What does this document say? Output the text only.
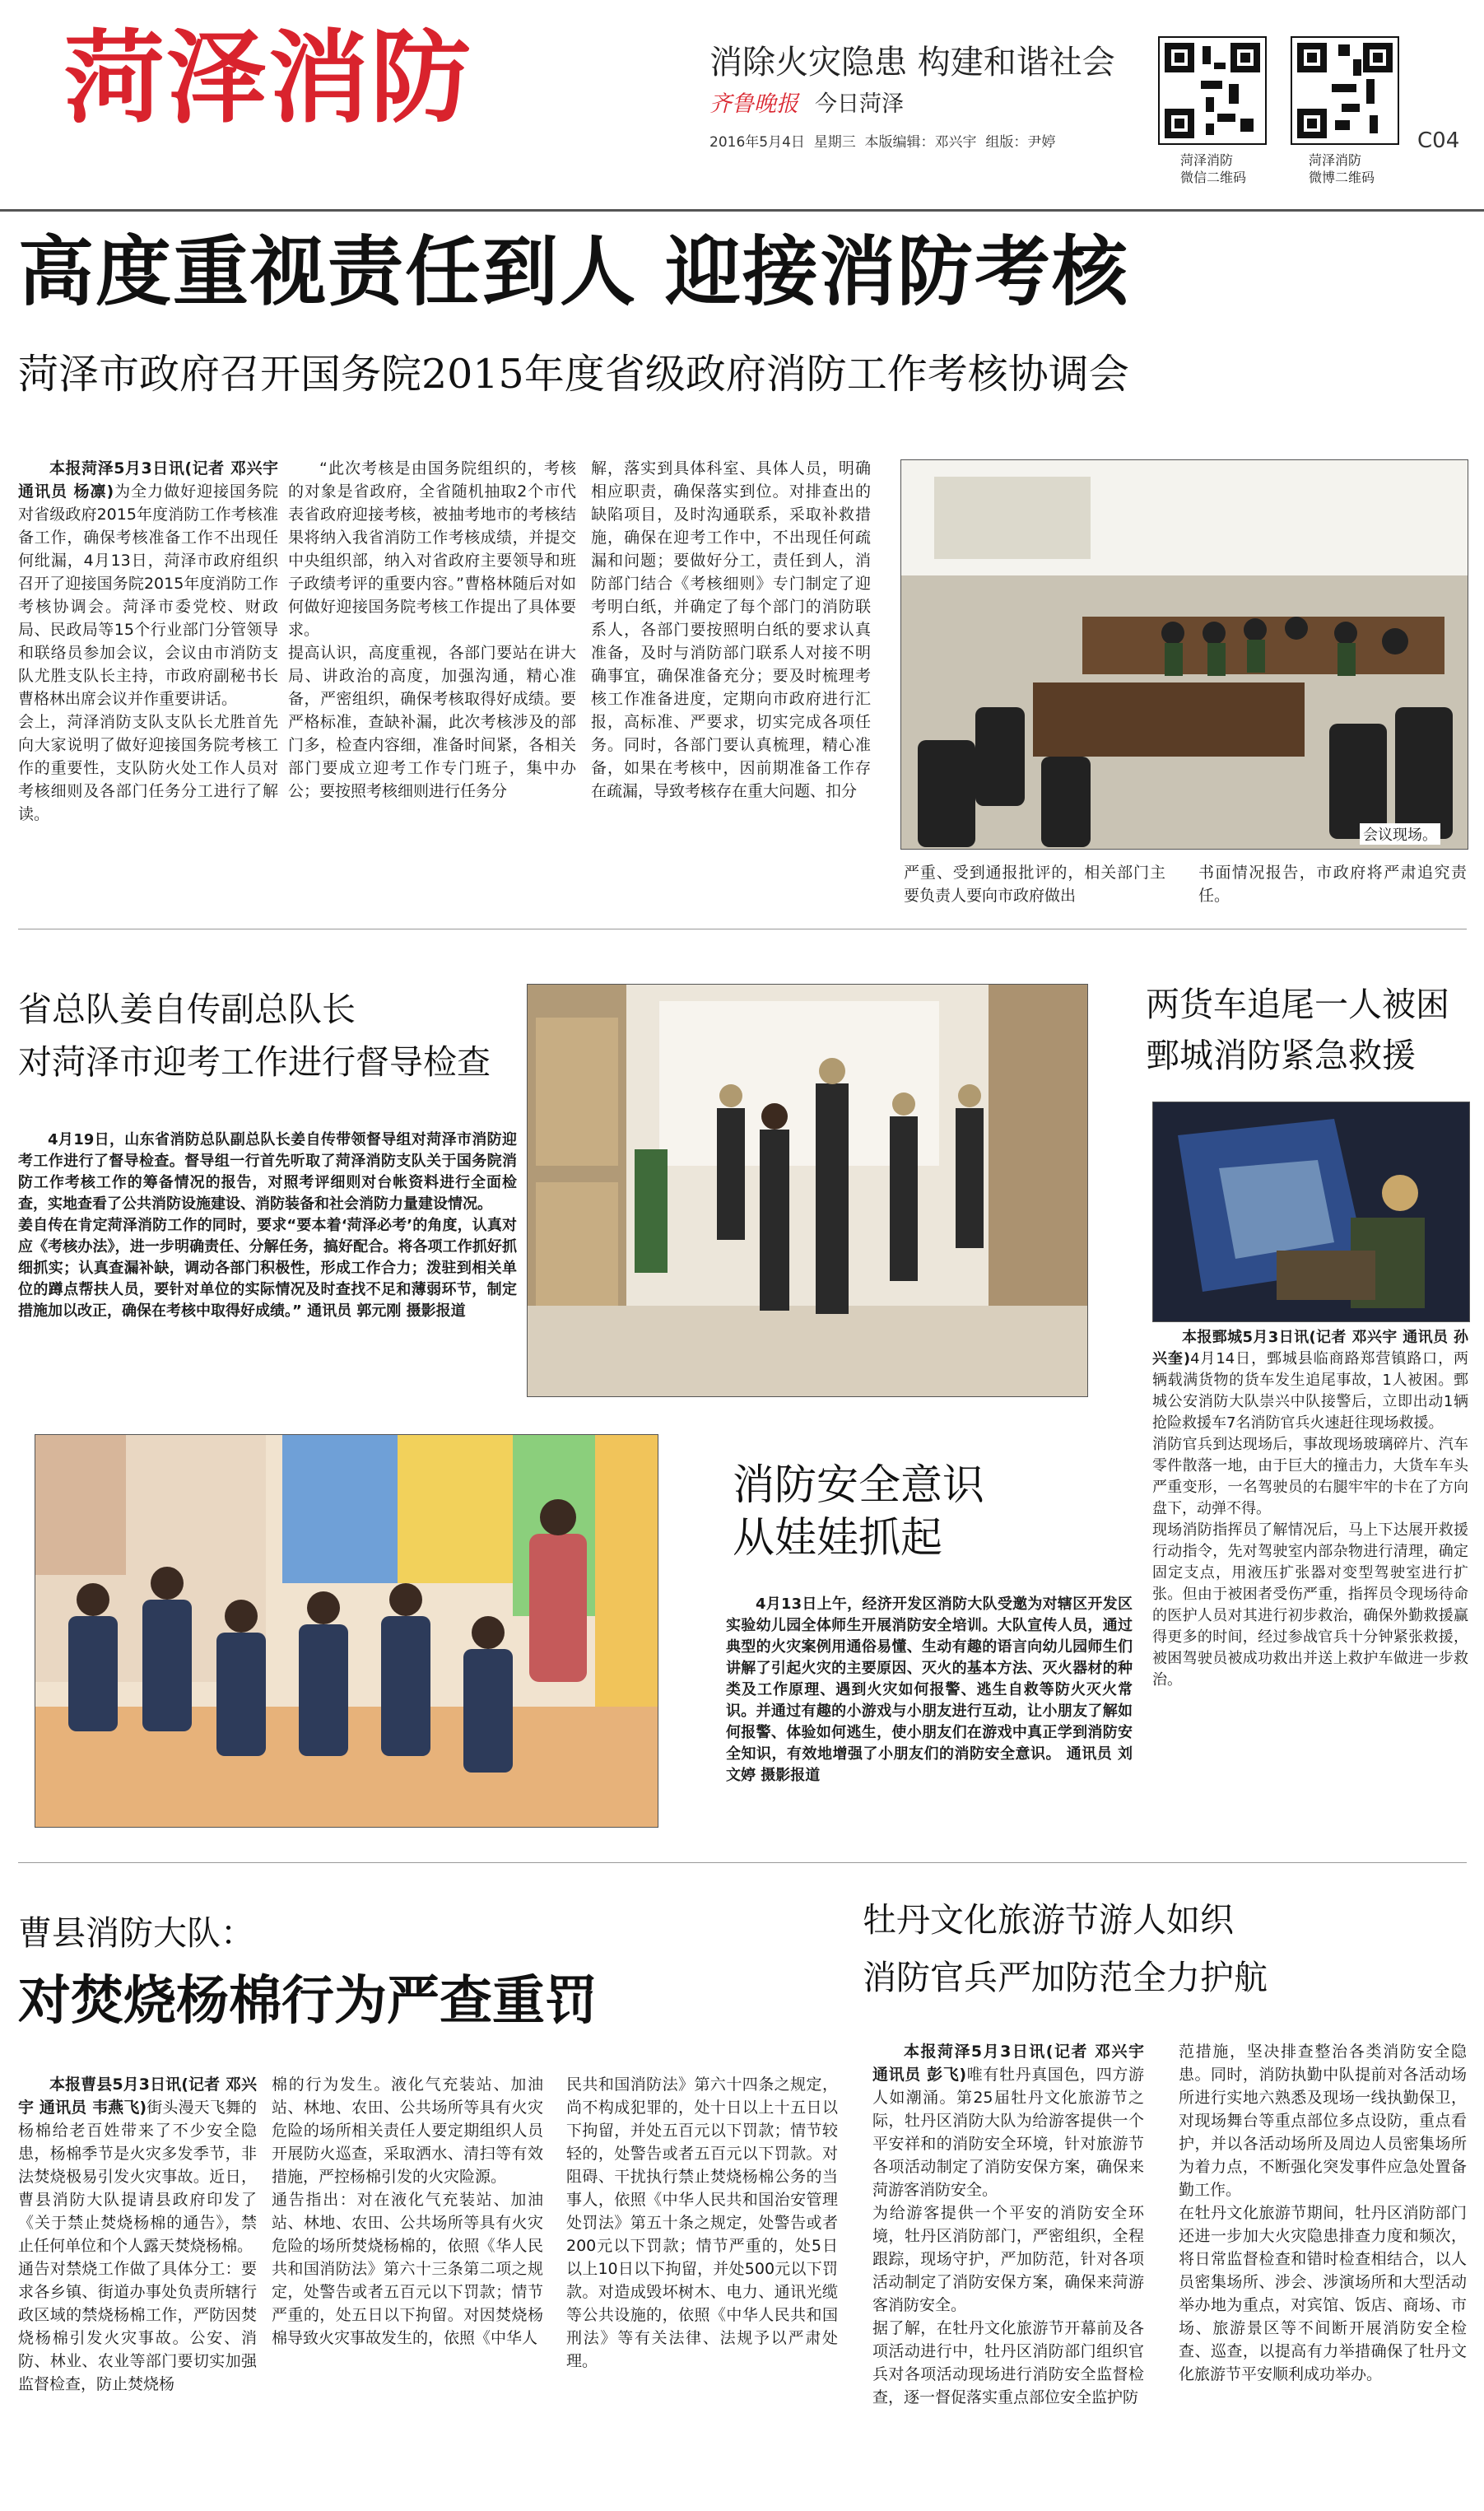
菏泽消防	消除火灾隐患 构建和谐社会
齐鲁晚报 今日菏泽
2016年5月4日  星期三  本版编辑：邓兴宇  组版：尹婷
菏泽消防
微信二维码
菏泽消防
微博二维码
C04
高度重视责任到人 迎接消防考核
菏泽市政府召开国务院2015年度省级政府消防工作考核协调会

本报菏泽5月3日讯(记者 邓兴宇 通讯员 杨凛)为全力做好迎接国务院对省级政府2015年度消防工作考核准备工作，确保考核准备工作不出现任何纰漏，4月13日，菏泽市政府组织召开了迎接国务院2015年度消防工作考核协调会。菏泽市委党校、财政局、民政局等15个行业部门分管领导和联络员参加会议，会议由市消防支队尤胜支队长主持，市政府副秘书长曹格林出席会议并作重要讲话。
会上，菏泽消防支队支队长尤胜首先向大家说明了做好迎接国务院考核工作的重要性，支队防火处工作人员对考核细则及各部门任务分工进行了解读。

“此次考核是由国务院组织的，考核的对象是省政府，全省随机抽取2个市代表省政府迎接考核，被抽考地市的考核结果将纳入我省消防工作考核成绩，并提交中央组织部，纳入对省政府主要领导和班子政绩考评的重要内容。”曹格林随后对如何做好迎接国务院考核工作提出了具体要求。
提高认识，高度重视，各部门要站在讲大局、讲政治的高度，加强沟通，精心准备，严密组织，确保考核取得好成绩。要严格标准，查缺补漏，此次考核涉及的部门多，检查内容细，准备时间紧，各相关部门要成立迎考工作专门班子，集中办公；要按照考核细则进行任务分

解，落实到具体科室、具体人员，明确相应职责，确保落实到位。对排查出的缺陷项目，及时沟通联系，采取补救措施，确保在迎考工作中，不出现任何疏漏和问题；要做好分工，责任到人，消防部门结合《考核细则》专门制定了迎考明白纸，并确定了每个部门的消防联系人，各部门要按照明白纸的要求认真准备，及时与消防部门联系人对接不明确事宜，确保准备充分；要及时梳理考核工作准备进度，定期向市政府进行汇报，高标准、严要求，切实完成各项任务。同时，各部门要认真梳理，精心准备，如果在考核中，因前期准备工作存在疏漏，导致考核存在重大问题、扣分

会议现场。

严重、受到通报批评的，相关部门主要负责人要向市政府做出

书面情况报告，市政府将严肃追究责任。

省总队姜自传副总队长
对菏泽市迎考工作进行督导检查

4月19日，山东省消防总队副总队长姜自传带领督导组对菏泽市消防迎考工作进行了督导检查。督导组一行首先听取了菏泽消防支队关于国务院消防工作考核工作的筹备情况的报告，对照考评细则对台帐资料进行全面检查，实地查看了公共消防设施建设、消防装备和社会消防力量建设情况。
姜自传在肯定菏泽消防工作的同时，要求“要本着‘菏泽必考’的角度，认真对应《考核办法》，进一步明确责任、分解任务，搞好配合。将各项工作抓好抓细抓实；认真查漏补缺，调动各部门积极性，形成工作合力；泼驻到相关单位的蹲点帮扶人员，要针对单位的实际情况及时查找不足和薄弱环节，制定措施加以改正，确保在考核中取得好成绩。” 通讯员 郭元刚 摄影报道

两货车追尾一人被困
鄄城消防紧急救援

本报鄄城5月3日讯(记者 邓兴宇 通讯员 孙兴奎)4月14日，鄄城县临商路郑营镇路口，两辆载满货物的货车发生追尾事故，1人被困。鄄城公安消防大队崇兴中队接警后，立即出动1辆抢险救援车7名消防官兵火速赶往现场救援。
消防官兵到达现场后，事故现场玻璃碎片、汽车零件散落一地，由于巨大的撞击力，大货车车头严重变形，一名驾驶员的右腿牢牢的卡在了方向盘下，动弹不得。
现场消防指挥员了解情况后，马上下达展开救援行动指令，先对驾驶室内部杂物进行清理，确定固定支点，用液压扩张器对变型驾驶室进行扩张。但由于被困者受伤严重，指挥员令现场待命的医护人员对其进行初步救治，确保外勤救援赢得更多的时间，经过参战官兵十分钟紧张救援，被困驾驶员被成功救出并送上救护车做进一步救治。

消防安全意识
从娃娃抓起

4月13日上午，经济开发区消防大队受邀为对辖区开发区实验幼儿园全体师生开展消防安全培训。大队宣传人员，通过典型的火灾案例用通俗易懂、生动有趣的语言向幼儿园师生们讲解了引起火灾的主要原因、灭火的基本方法、灭火器材的种类及工作原理、遇到火灾如何报警、逃生自救等防火灭火常识。并通过有趣的小游戏与小朋友进行互动，让小朋友了解如何报警、体验如何逃生，使小朋友们在游戏中真正学到消防安全知识，有效地增强了小朋友们的消防安全意识。 通讯员 刘文婷 摄影报道

曹县消防大队：
对焚烧杨棉行为严查重罚

本报曹县5月3日讯(记者 邓兴宇 通讯员 韦燕飞)街头漫天飞舞的杨棉给老百姓带来了不少安全隐患，杨棉季节是火灾多发季节，非法焚烧极易引发火灾事故。近日，曹县消防大队提请县政府印发了《关于禁止焚烧杨棉的通告》，禁止任何单位和个人露天焚烧杨棉。
通告对禁烧工作做了具体分工：要求各乡镇、街道办事处负责所辖行政区域的禁烧杨棉工作，严防因焚烧杨棉引发火灾事故。公安、消防、林业、农业等部门要切实加强监督检查，防止焚烧杨

棉的行为发生。液化气充装站、加油站、林地、农田、公共场所等具有火灾危险的场所相关责任人要定期组织人员开展防火巡查，采取洒水、清扫等有效措施，严控杨棉引发的火灾险源。
通告指出：对在液化气充装站、加油站、林地、农田、公共场所等具有火灾危险的场所焚烧杨棉的，依照《华人民共和国消防法》第六十三条第二项之规定，处警告或者五百元以下罚款；情节严重的，处五日以下拘留。对因焚烧杨棉导致火灾事故发生的，依照《中华人

民共和国消防法》第六十四条之规定，尚不构成犯罪的，处十日以上十五日以下拘留，并处五百元以下罚款；情节较轻的，处警告或者五百元以下罚款。对阻碍、干扰执行禁止焚烧杨棉公务的当事人，依照《中华人民共和国治安管理处罚法》第五十条之规定，处警告或者200元以下罚款；情节严重的，处5日以上10日以下拘留，并处500元以下罚款。对造成毁坏树木、电力、通讯光缆等公共设施的，依照《中华人民共和国刑法》等有关法律、法规予以严肃处理。

牡丹文化旅游节游人如织
消防官兵严加防范全力护航

本报菏泽5月3日讯(记者 邓兴宇 通讯员 彭飞)唯有牡丹真国色，四方游人如潮涌。第25届牡丹文化旅游节之际，牡丹区消防大队为给游客提供一个平安祥和的消防安全环境，针对旅游节各项活动制定了消防安保方案，确保来菏游客消防安全。
为给游客提供一个平安的消防安全环境，牡丹区消防部门，严密组织，全程跟踪，现场守护，严加防范，针对各项活动制定了消防安保方案，确保来菏游客消防安全。
据了解，在牡丹文化旅游节开幕前及各项活动进行中，牡丹区消防部门组织官兵对各项活动现场进行消防安全监督检查，逐一督促落实重点部位安全监护防

范措施，坚决排查整治各类消防安全隐患。同时，消防执勤中队提前对各活动场所进行实地六熟悉及现场一线执勤保卫，对现场舞台等重点部位多点设防，重点看护，并以各活动场所及周边人员密集场所为着力点，不断强化突发事件应急处置备勤工作。
在牡丹文化旅游节期间，牡丹区消防部门还进一步加大火灾隐患排查力度和频次，将日常监督检查和错时检查相结合，以人员密集场所、涉会、涉演场所和大型活动举办地为重点，对宾馆、饭店、商场、市场、旅游景区等不间断开展消防安全检查、巡查，以提高有力举措确保了牡丹文化旅游节平安顺利成功举办。
